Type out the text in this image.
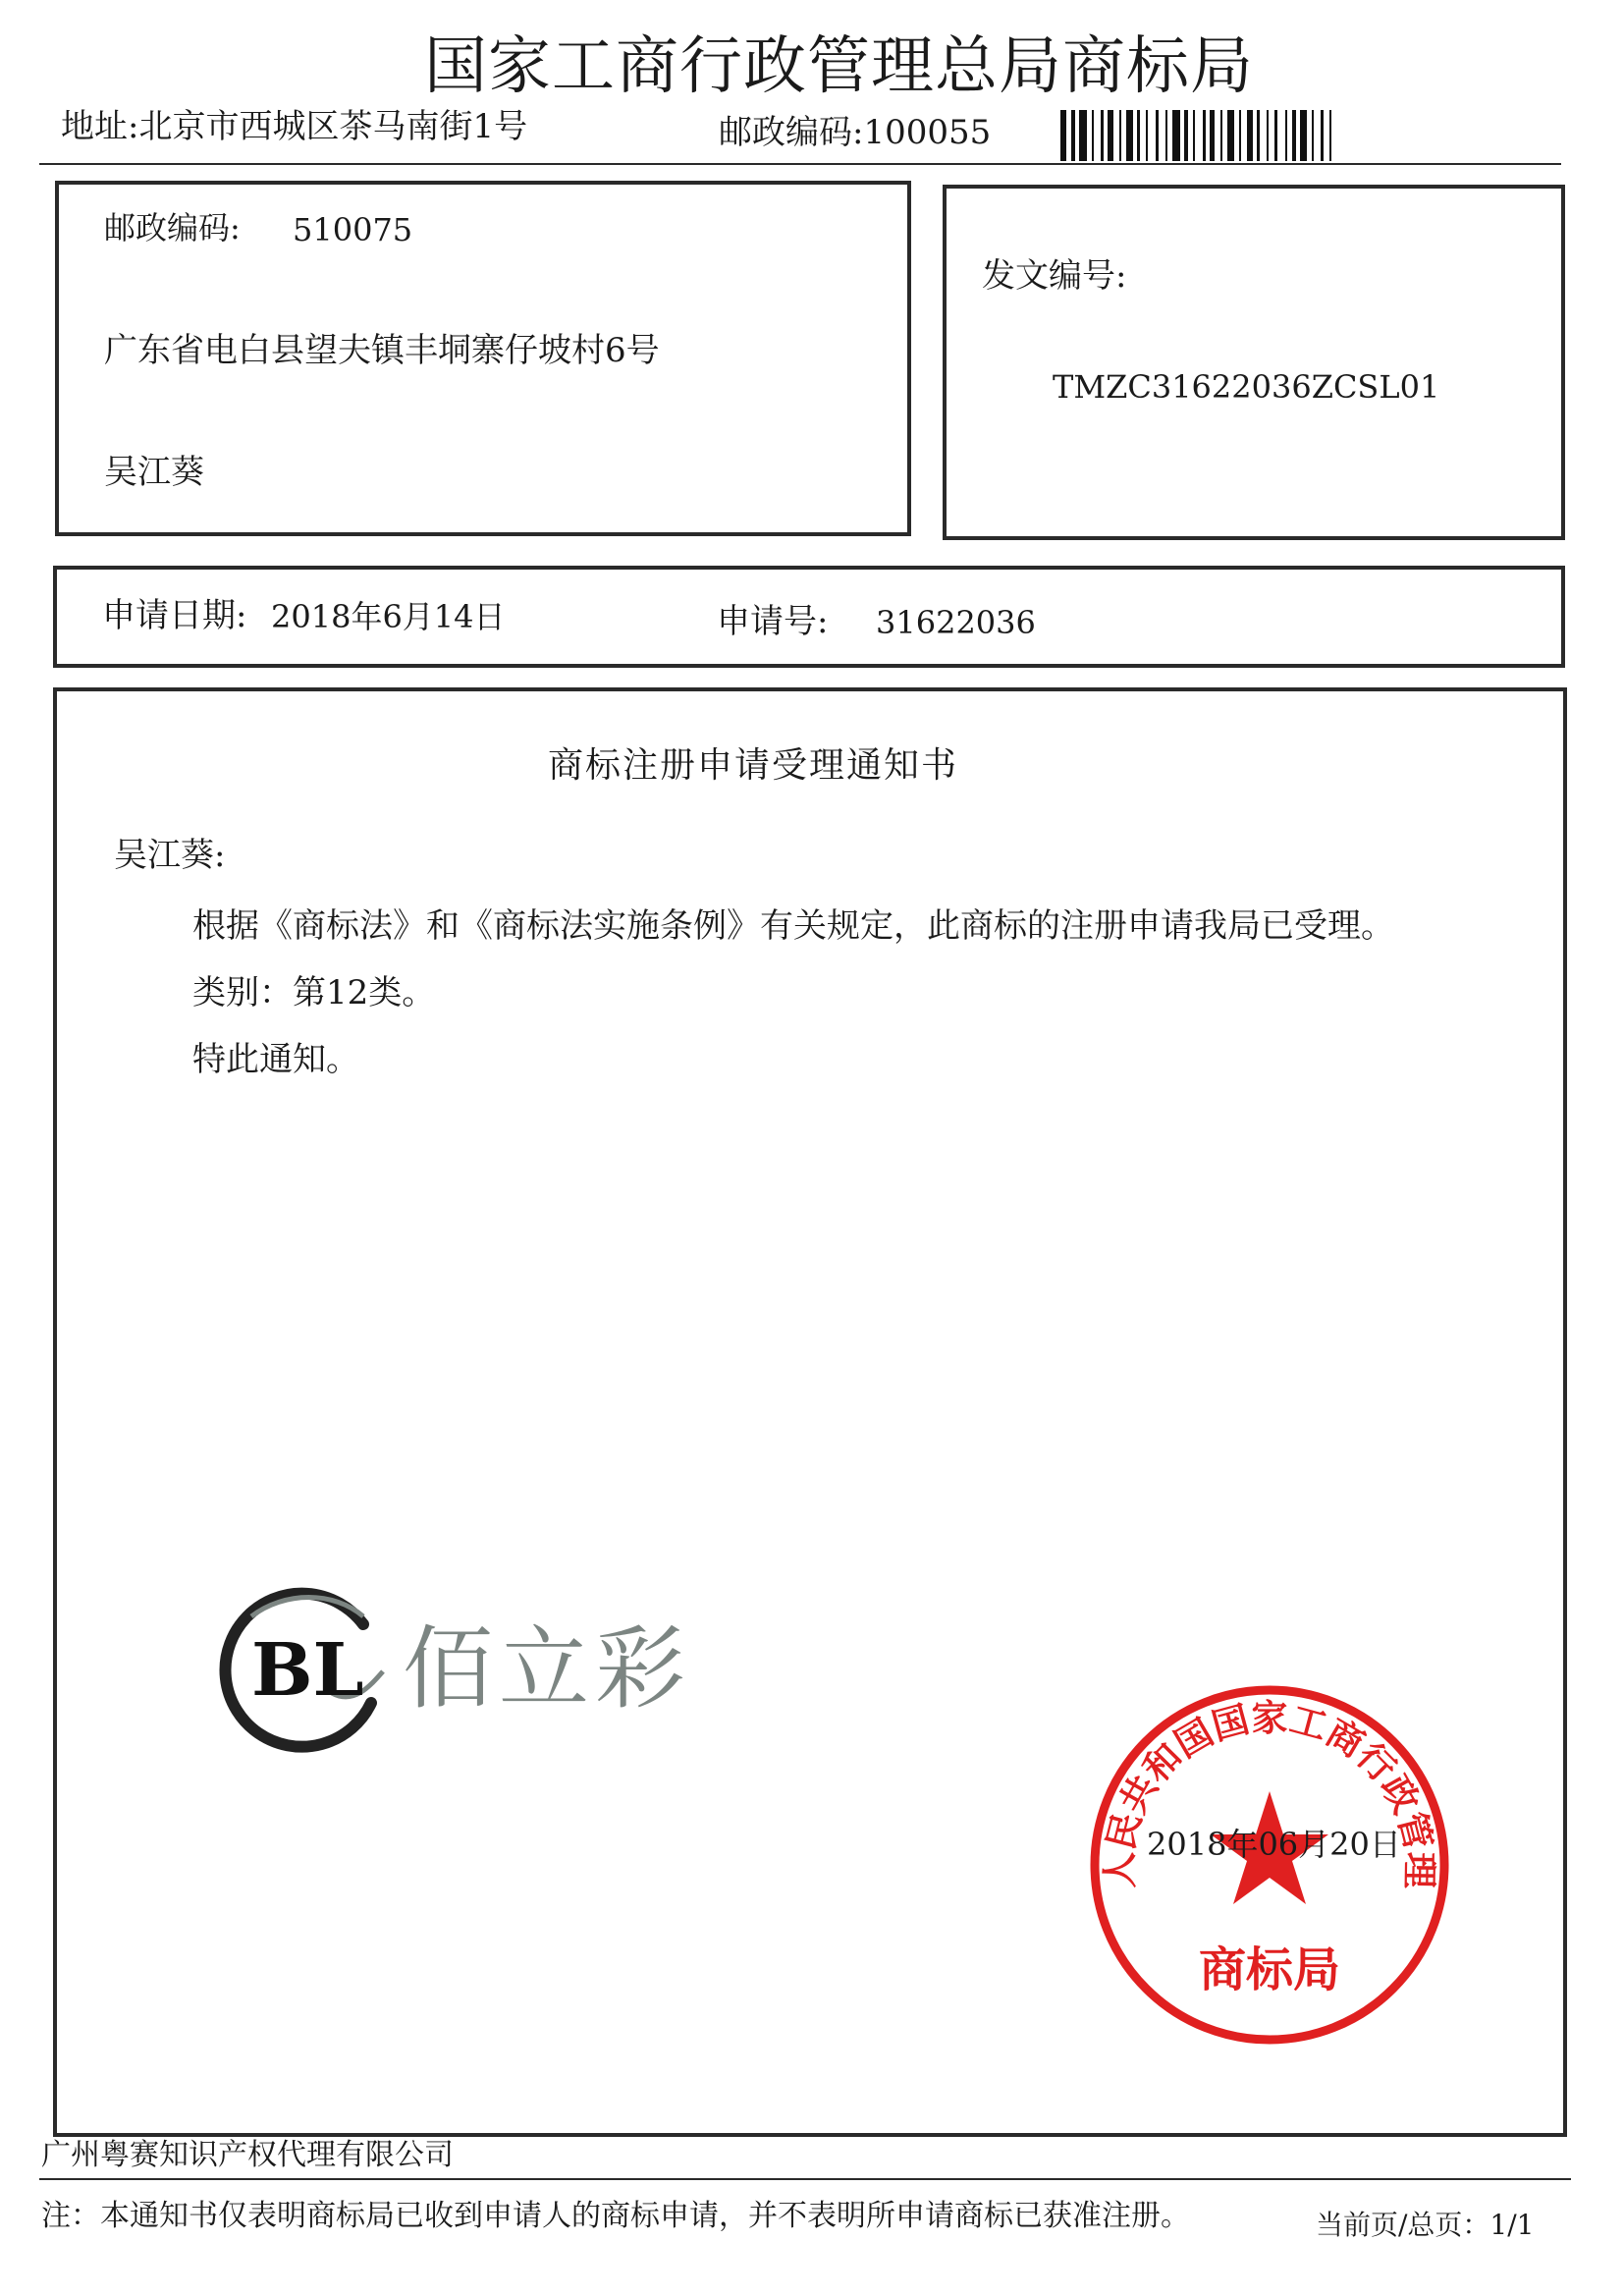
国家工商行政管理总局商标局
地址:北京市西城区茶马南街1号	邮政编码:100055
邮政编码: 510075
广东省电白县望夫镇丰垌寨仔坡村6号
吴江葵
发文编号:
TMZC31622036ZCSL01
申请日期: 2018年6月14日	申请号: 31622036
商标注册申请受理通知书
吴江葵:
根据《商标法》和《商标法实施条例》有关规定，此商标的注册申请我局已受理。
类别：第12类。
特此通知。
BL 佰立彩
人民共和国国家工商行政管理
商标局
2018年06月20日
广州粤赛知识产权代理有限公司
注：本通知书仅表明商标局已收到申请人的商标申请，并不表明所申请商标已获准注册。	当前页/总页：1/1
